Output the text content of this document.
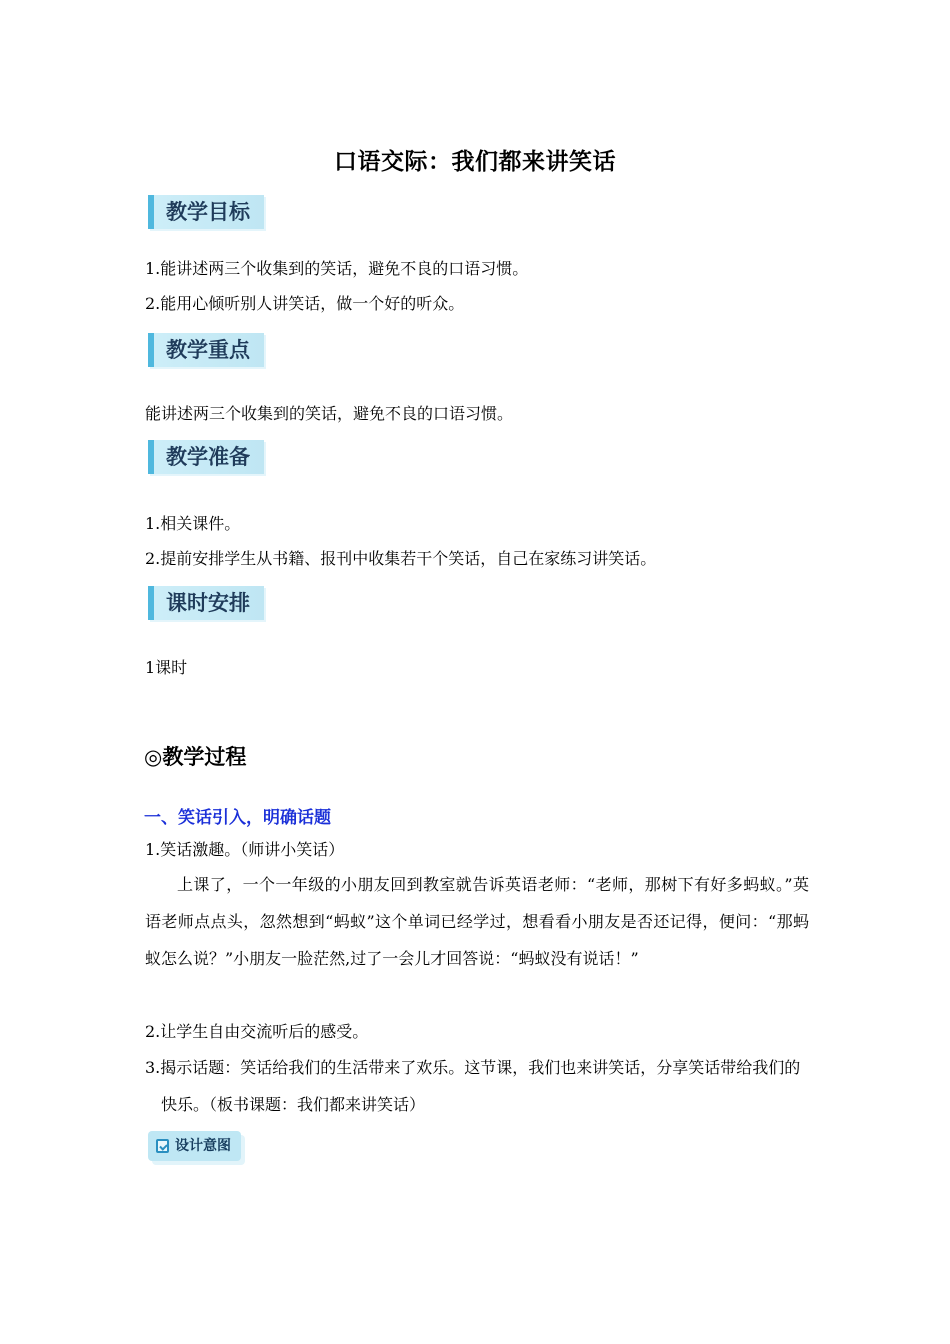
口语交际：我们都来讲笑话
教学目标
1.能讲述两三个收集到的笑话，避免不良的口语习惯。
2.能用心倾听别人讲笑话，做一个好的听众。
教学重点
能讲述两三个收集到的笑话，避免不良的口语习惯。
教学准备
1.相关课件。
2.提前安排学生从书籍、报刊中收集若干个笑话，自己在家练习讲笑话。
课时安排
1课时
◎教学过程
一、笑话引入，明确话题
1.笑话激趣。（师讲小笑话）
上课了，一个一年级的小朋友回到教室就告诉英语老师：“老师，那树下有好多蚂蚁。”英语老师点点头，忽然想到“蚂蚁”这个单词已经学过，想看看小朋友是否还记得，便问：“那蚂蚁怎么说？”小朋友一脸茫然,过了一会儿才回答说：“蚂蚁没有说话！”
2.让学生自由交流听后的感受。
3.揭示话题：笑话给我们的生活带来了欢乐。这节课，我们也来讲笑话，分享笑话带给我们的快乐。（板书课题：我们都来讲笑话）
设计意图
